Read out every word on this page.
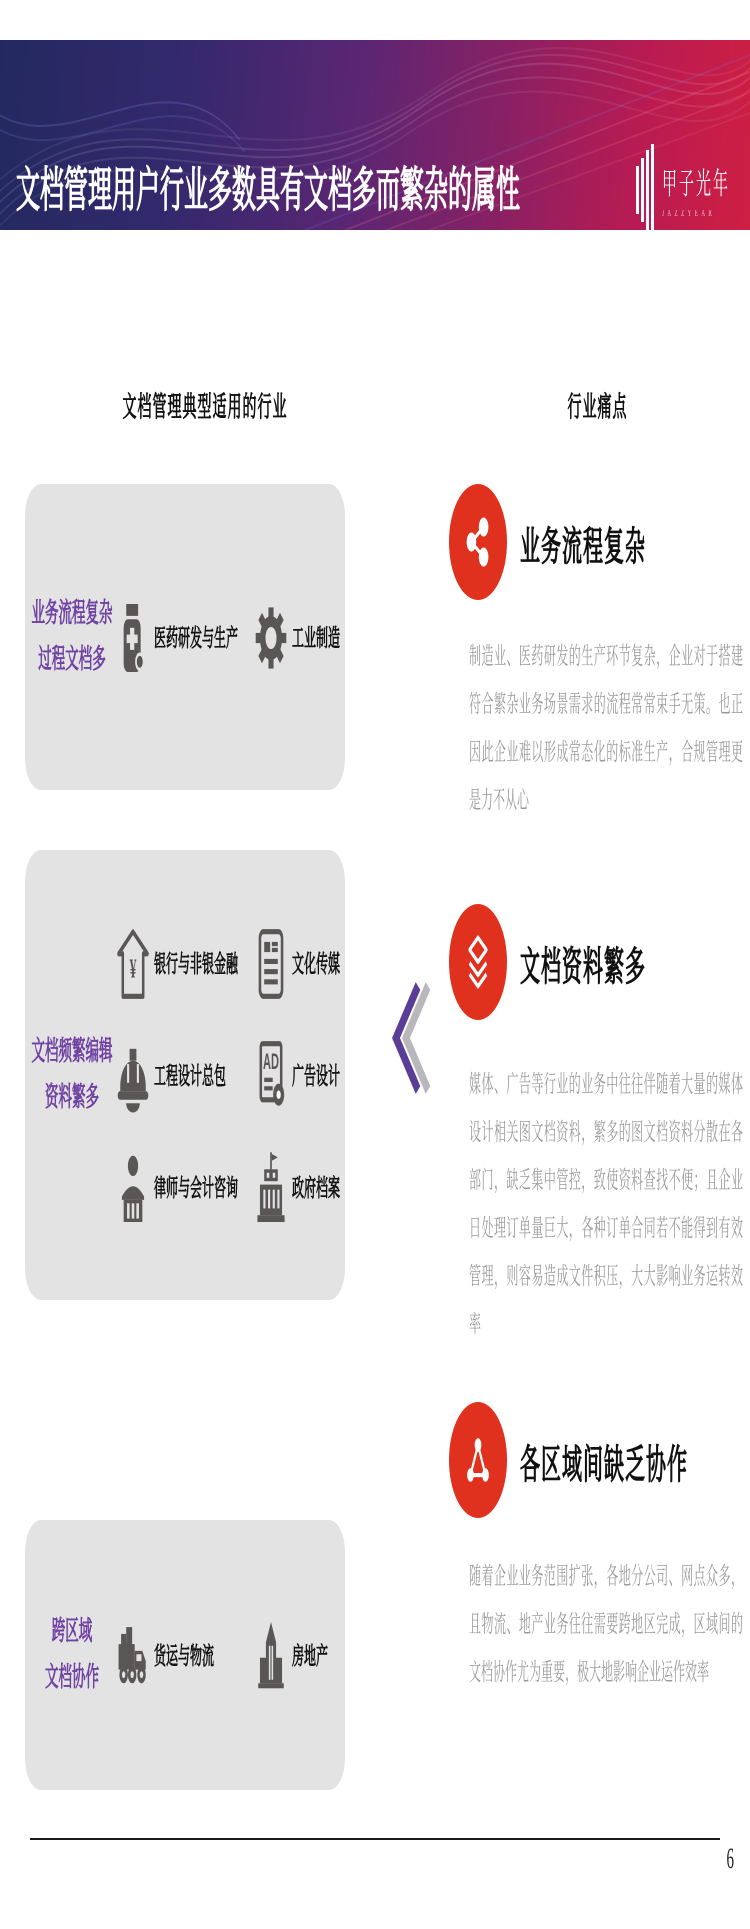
文档管理用户行业多数具有文档多而繁杂的属性	甲子光年
JAZZYEAR
文档管理典型适用的行业	行业痛点
业务流程复杂
过程文档多
医药研发与生产	工业制造
文档频繁编辑
资料繁多
¥ 银行与非银金融	文化传媒
工程设计总包
AD
广告设计
律师与会计咨询	政府档案
跨区域
文档协作
货运与物流	房地产
业务流程复杂

制造业、医药研发的生产环节复杂，企业对于搭建符合繁杂业务场景需求的流程常常束手无策。也正因此企业难以形成常态化的标准生产，合规管理更是力不从心

文档资料繁多

媒体、广告等行业的业务中往往伴随着大量的媒体设计相关图文档资料，繁多的图文档资料分散在各部门，缺乏集中管控，致使资料查找不便；且企业日处理订单量巨大，各种订单合同若不能得到有效管理，则容易造成文件积压，大大影响业务运转效率

各区域间缺乏协作

随着企业业务范围扩张，各地分公司、网点众多，且物流、地产业务往往需要跨地区完成，区域间的文档协作尤为重要，极大地影响企业运作效率

6
